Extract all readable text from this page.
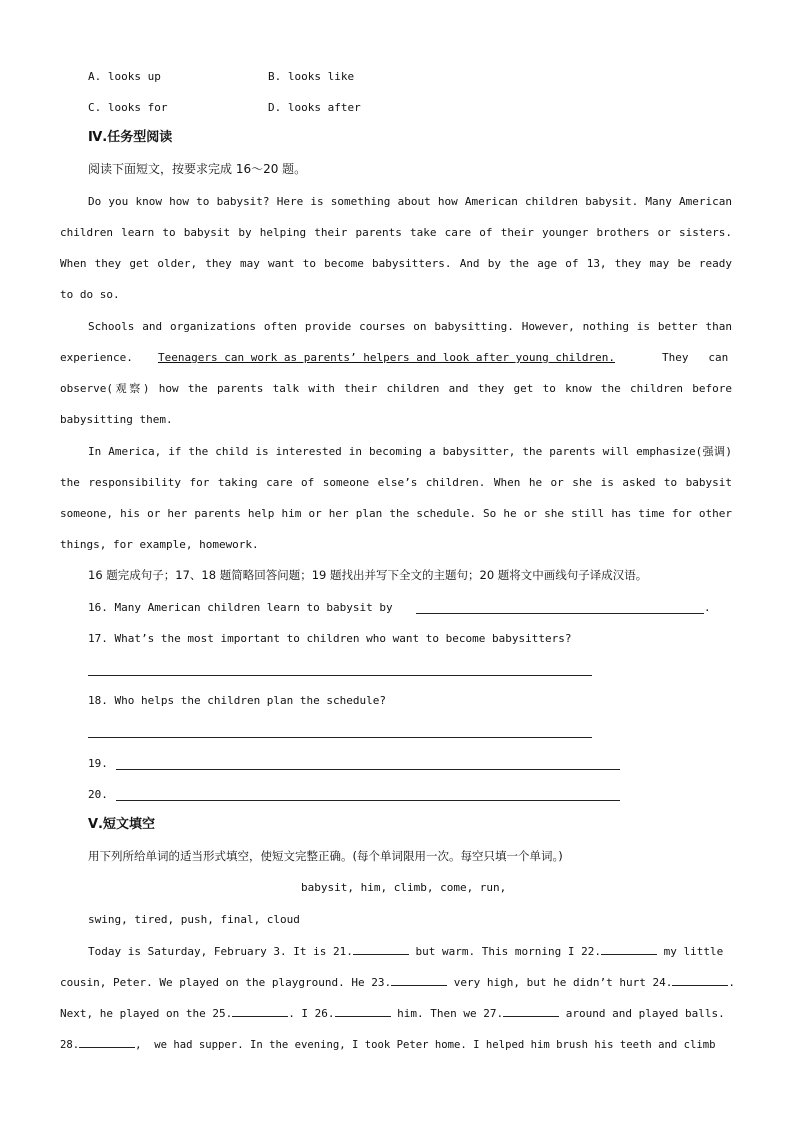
A. looks up	B. looks like
C. looks for	D. looks after
Ⅳ.任务型阅读
阅读下面短文，按要求完成 16～20 题。
Do you know how to babysit? Here is something about how American children babysit. Many American
children learn to babysit by helping their parents take care of their younger brothers or sisters.
When they get older, they may want to become babysitters. And by the age of 13, they may be ready
to do so.
Schools and organizations often provide courses on babysitting. However, nothing is better than
experience. Teenagers can work as parents’ helpers and look after young children.	They   can
observe(观察) how the parents talk with their children and they get to know the children before
babysitting them.
In America, if the child is interested in becoming a babysitter, the parents will emphasize(强调)
the responsibility for taking care of someone else’s children. When he or she is asked to babysit
someone, his or her parents help him or her plan the schedule. So he or she still has time for other
things, for example, homework.
16 题完成句子；17、18 题简略回答问题；19 题找出并写下全文的主题句；20 题将文中画线句子译成汉语。
16. Many American children learn to babysit by	.
17. What’s the most important to children who want to become babysitters?
18. Who helps the children plan the schedule?
19.
20.
Ⅴ.短文填空
用下列所给单词的适当形式填空，使短文完整正确。(每个单词限用一次。每空只填一个单词。)
babysit, him, climb, come, run,
swing, tired, push, final, cloud
Today is Saturday, February 3. It is 21.	but warm. This morning I 22.	my little
cousin, Peter. We played on the playground. He 23.	very high, but he didn’t hurt 24.	.
Next, he played on the 25.	. I 26.	him. Then we 27.	around and played balls.
28.	,  we had supper. In the evening, I took Peter home. I helped him brush his teeth and climb
